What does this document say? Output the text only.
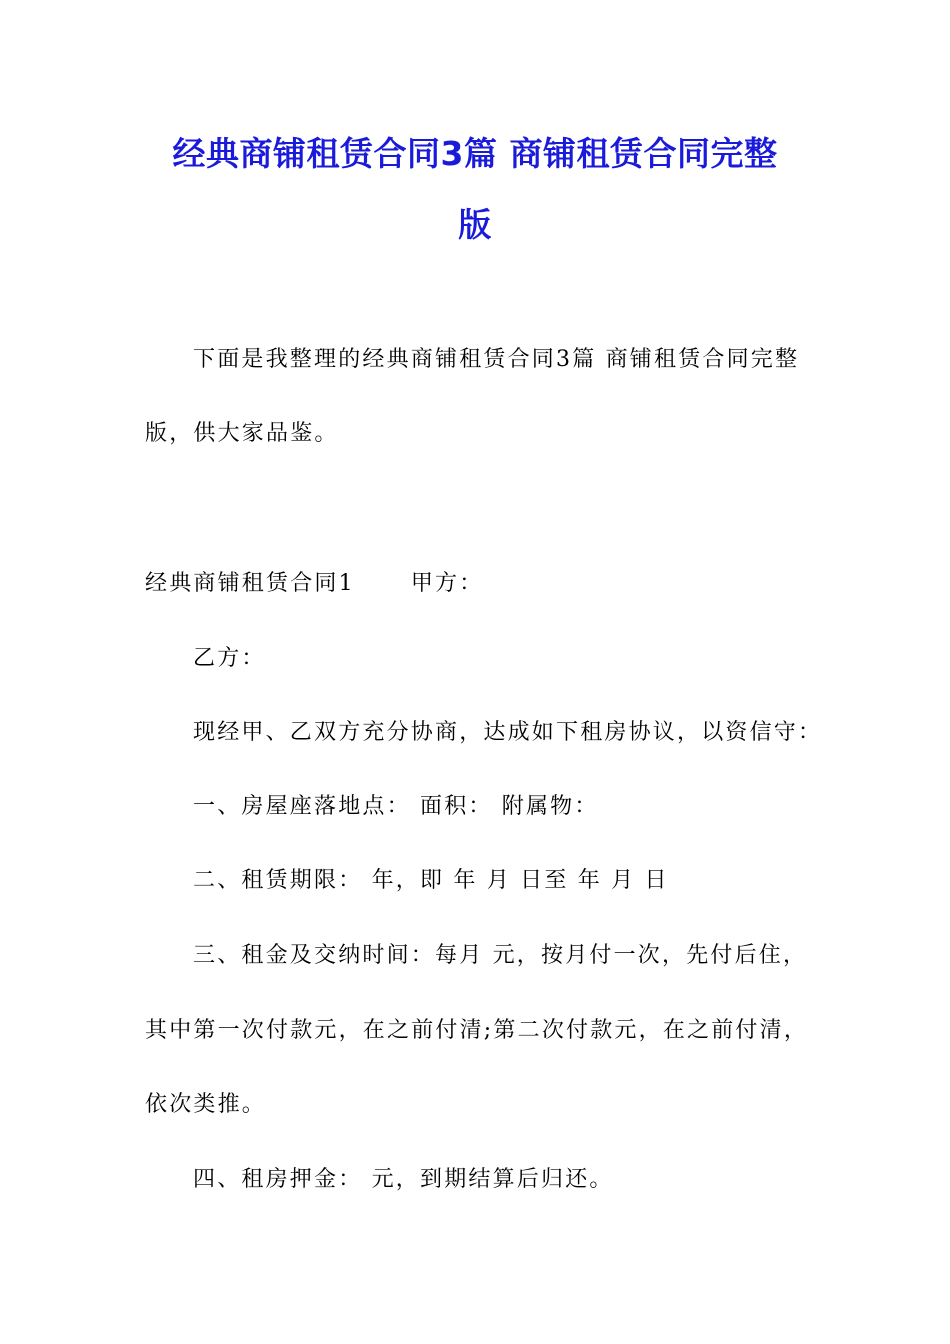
经典商铺租赁合同3篇 商铺租赁合同完整
版

下面是我整理的经典商铺租赁合同3篇 商铺租赁合同完整

版，供大家品鉴。

经典商铺租赁合同1	甲方：

乙方：

现经甲、乙双方充分协商，达成如下租房协议，以资信守：

一、房屋座落地点： 面积： 附属物：

二、租赁期限： 年，即 年 月 日至 年 月 日

三、租金及交纳时间：每月 元，按月付一次，先付后住，

其中第一次付款元，在之前付清;第二次付款元，在之前付清，

依次类推。

四、租房押金： 元，到期结算后归还。
